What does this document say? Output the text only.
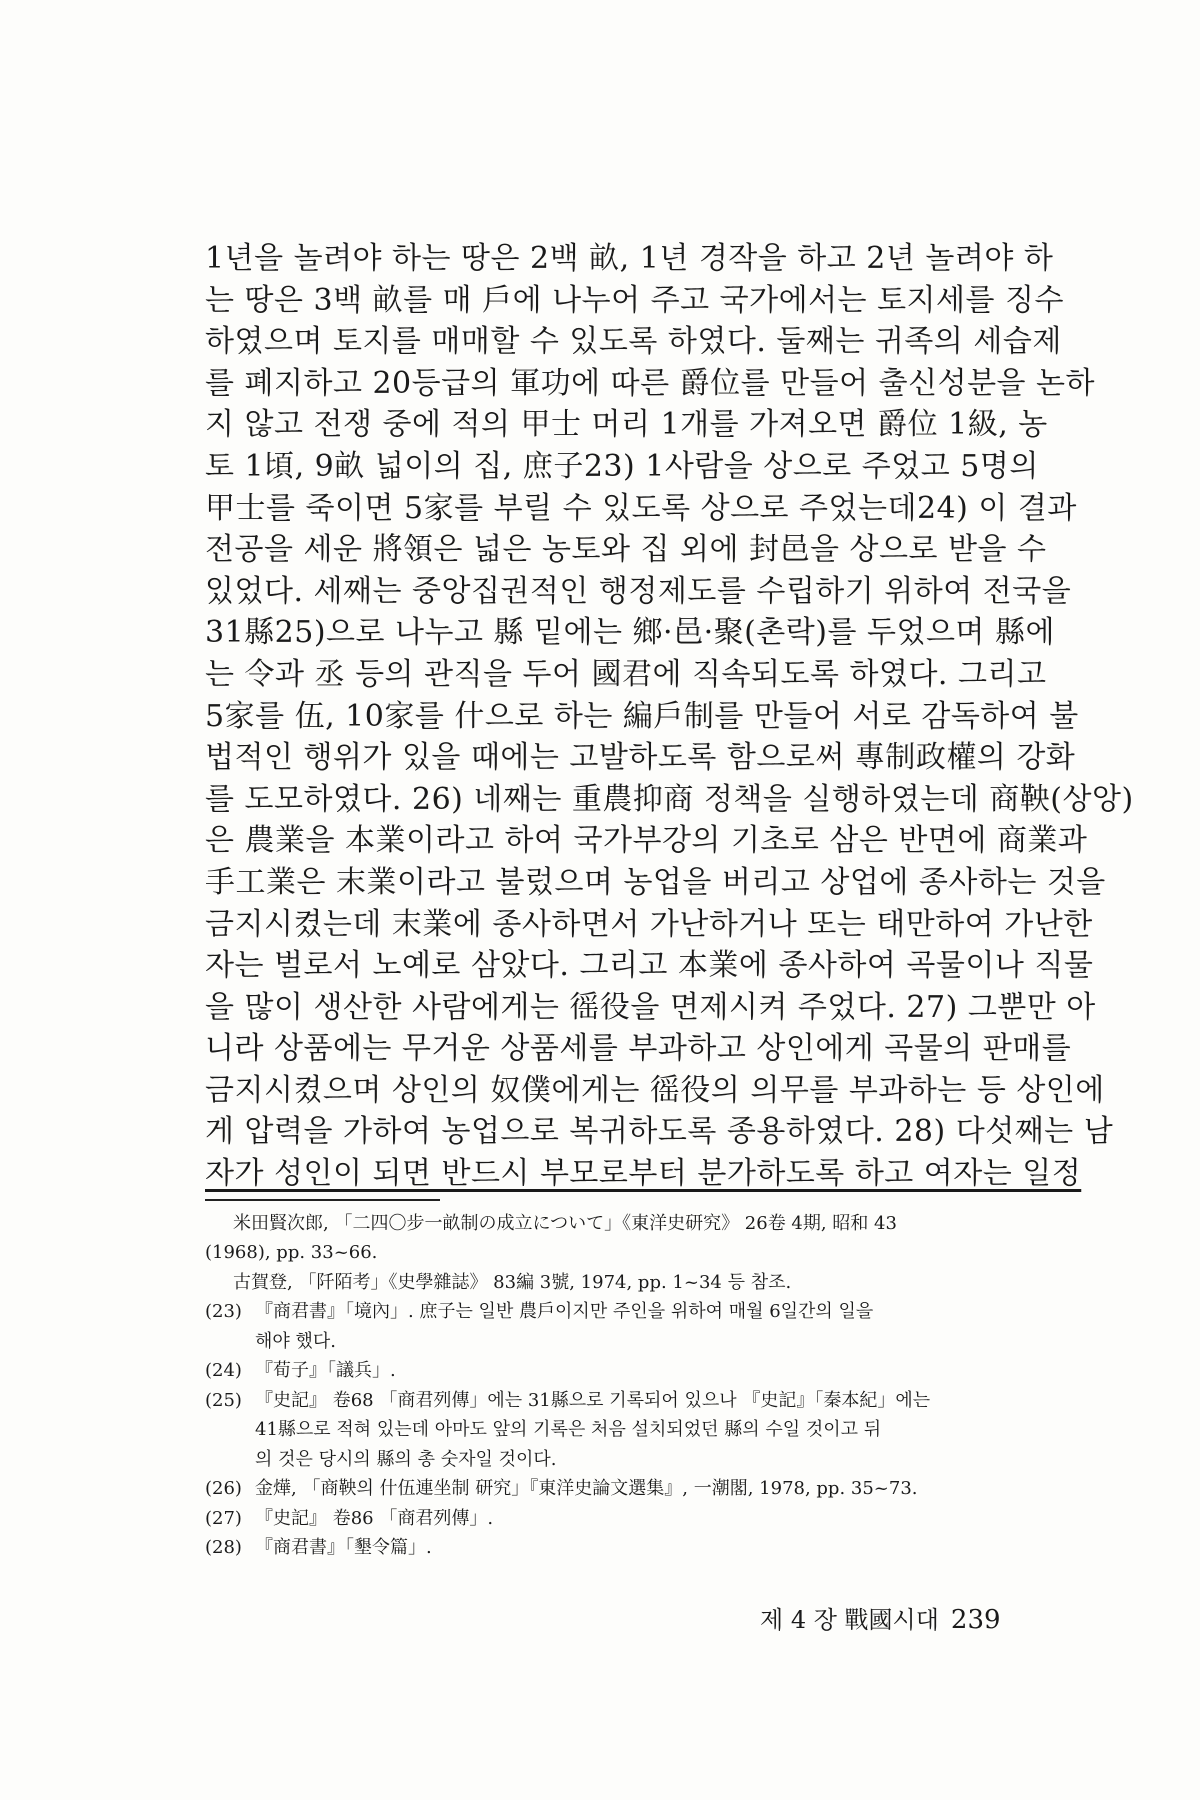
1년을 놀려야 하는 땅은 2백 畝, 1년 경작을 하고 2년 놀려야 하
는 땅은 3백 畝를 매 戶에 나누어 주고 국가에서는 토지세를 징수
하였으며 토지를 매매할 수 있도록 하였다. 둘째는 귀족의 세습제
를 폐지하고 20등급의 軍功에 따른 爵位를 만들어 출신성분을 논하
지 않고 전쟁 중에 적의 甲士 머리 1개를 가져오면 爵位 1級, 농
토 1頃, 9畝 넓이의 집, 庶子23) 1사람을 상으로 주었고 5명의
甲士를 죽이면 5家를 부릴 수 있도록 상으로 주었는데24) 이 결과
전공을 세운 將領은 넓은 농토와 집 외에 封邑을 상으로 받을 수
있었다. 세째는 중앙집권적인 행정제도를 수립하기 위하여 전국을
31縣25)으로 나누고 縣 밑에는 鄉·邑·聚(촌락)를 두었으며 縣에
는 令과 丞 등의 관직을 두어 國君에 직속되도록 하였다. 그리고
5家를 伍, 10家를 什으로 하는 編戶制를 만들어 서로 감독하여 불
법적인 행위가 있을 때에는 고발하도록 함으로써 專制政權의 강화
를 도모하였다. 26) 네째는 重農抑商 정책을 실행하였는데 商鞅(상앙)
은 農業을 本業이라고 하여 국가부강의 기초로 삼은 반면에 商業과
手工業은 末業이라고 불렀으며 농업을 버리고 상업에 종사하는 것을
금지시켰는데 末業에 종사하면서 가난하거나 또는 태만하여 가난한
자는 벌로서 노예로 삼았다. 그리고 本業에 종사하여 곡물이나 직물
을 많이 생산한 사람에게는 徭役을 면제시켜 주었다. 27) 그뿐만 아
니라 상품에는 무거운 상품세를 부과하고 상인에게 곡물의 판매를
금지시켰으며 상인의 奴僕에게는 徭役의 의무를 부과하는 등 상인에
게 압력을 가하여 농업으로 복귀하도록 종용하였다. 28) 다섯째는 남
자가 성인이 되면 반드시 부모로부터 분가하도록 하고 여자는 일정
米田賢次郎, 「二四〇步一畝制の成立について」《東洋史研究》 26卷 4期, 昭和 43
(1968), pp. 33~66.
古賀登, 「阡陌考」《史學雜誌》 83編 3號, 1974, pp. 1~34 등 참조.
(23) 『商君書』「境內」. 庶子는 일반 農戶이지만 주인을 위하여 매월 6일간의 일을
해야 했다.
(24) 『荀子』「議兵」.
(25) 『史記』 卷68 「商君列傳」에는 31縣으로 기록되어 있으나 『史記』「秦本紀」에는
41縣으로 적혀 있는데 아마도 앞의 기록은 처음 설치되었던 縣의 수일 것이고 뒤
의 것은 당시의 縣의 총 숫자일 것이다.
(26) 金燁, 「商鞅의 什伍連坐制 研究」『東洋史論文選集』, 一潮閣, 1978, pp. 35~73.
(27) 『史記』 卷86 「商君列傳」.
(28) 『商君書』「墾令篇」.
제 4 장 戰國시대 239
